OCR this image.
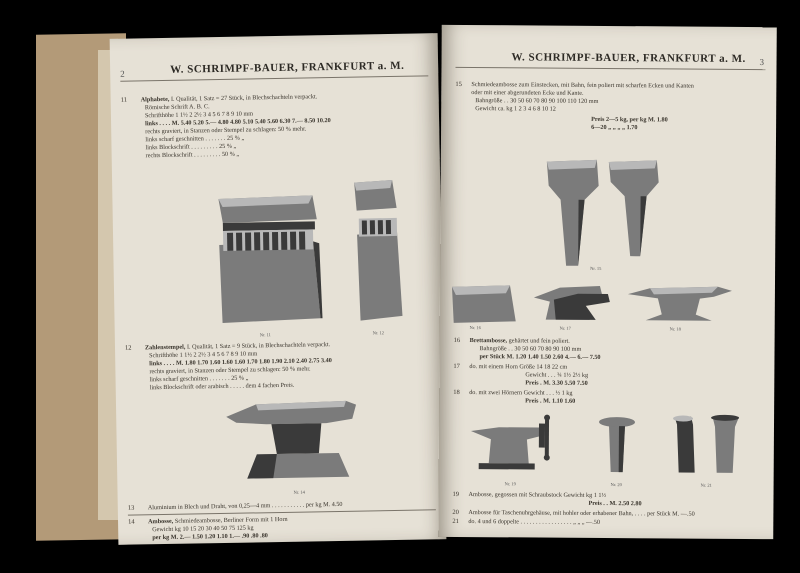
2	W. SCHRIMPF-BAUER, FRANKFURT a. M.
11 Alphabete, I. Qualität, 1 Satz = 27 Stück, in Blechschachteln verpackt.
Römische Schrift A. B. C.
Schrifthöhe 1 1½ 2 2½ 3 4 5 6 7 8 9 10 mm
links . . . . M. 5.40 5.20 5.— 4.80 4.80 5.10 5.40 5.60 6.30 7.— 8.50 10.20
rechts graviert, in Stanzen oder Stempel zu schlagen: 50 % mehr.
links scharf geschnitten . . . . . . . 25 % „
links Blockschrift . . . . . . . . . 25 % „
rechts Blockschrift . . . . . . . . . 50 % „
Nr. 11	Nr. 12
12 Zahlenstempel, I. Qualität, 1 Satz = 9 Stück, in Blechschachteln verpackt.
Schrifthöhe 1 1½ 2 2½ 3 4 5 6 7 8 9 10 mm
links . . . . M. 1.80 1.70 1.60 1.60 1.60 1.70 1.80 1.90 2.10 2.40 2.75 3.40
rechts graviert, in Stanzen oder Stempel zu schlagen: 50 % mehr.
links scharf geschnitten . . . . . . . 25 % „
links Blockschrift oder arabisch . . . . . dem 4 fachen Preis.
Nr. 14
13 Aluminium in Blech und Draht, von 0,25—4 mm . . . . . . . . . . . per kg M. 4.50
14 Ambosse, Schmiedeambosse, Berliner Form mit 1 Horn
Gewicht kg 10 15 20 30 40 50 75 125 kg
per kg M. 2.— 1.50 1.20 1.10 1.— .90 .80 .80
W. SCHRIMPF-BAUER, FRANKFURT a. M. 3
15 Schmiedeambosse zum Einstecken, mit Bahn, fein poliert mit scharfen Ecken und Kanten
oder mit einer abgerundeten Ecke und Kante.
Bahngröße . . 30 50 60 70 80 90 100 110 120 mm
Gewicht ca. kg 1 2 3 4 6 8 10 12
Preis 2—5 kg, per kg M. 1.80
6—20 „ „ „ „ 1.70
Nr. 15
Nr. 16	Nr. 17	Nr. 18
16 Brettambosse, gehärtet und fein poliert.
Bahngröße . . 30 50 60 70 80 90 100 mm
per Stück M. 1.20 1.40 1.50 2.60 4.— 6.— 7.50
17 do. mit einem Horn Größe 14 18 22 cm
Gewicht . . . ¾ 1½ 2½ kg
Preis . M. 3.30 5.50 7.50
18 do. mit zwei Hörnern Gewicht . . . ½ 1 kg
Preis . M. 1.10 1.60
Nr. 19	Nr. 20	Nr. 21
19 Ambosse, gegossen mit Schraubstock Gewicht kg 1 1½
Preis . . M. 2.50 2.80
20 Ambosse für Taschenuhrgehäuse, mit hohler oder erhabener Bahn, . . . . per Stück M. —.50
21 do. 4 und 6 doppelte . . . . . . . . . . . . . . . . . „ „ „ —.50
